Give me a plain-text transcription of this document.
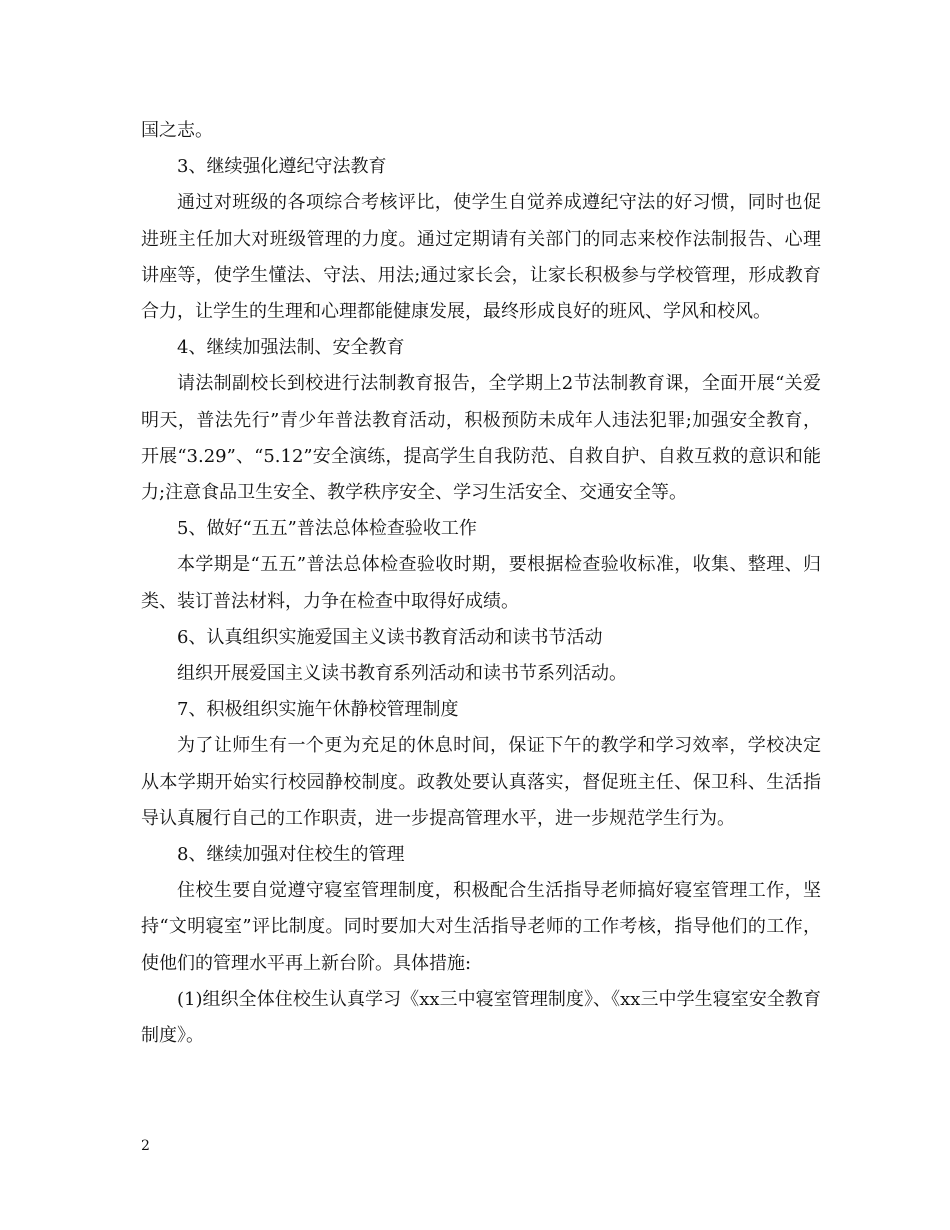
国之志。

3、继续强化遵纪守法教育

通过对班级的各项综合考核评比，使学生自觉养成遵纪守法的好习惯，同时也促进班主任加大对班级管理的力度。通过定期请有关部门的同志来校作法制报告、心理讲座等，使学生懂法、守法、用法;通过家长会，让家长积极参与学校管理，形成教育合力，让学生的生理和心理都能健康发展，最终形成良好的班风、学风和校风。

4、继续加强法制、安全教育

请法制副校长到校进行法制教育报告，全学期上2节法制教育课，全面开展“关爱明天，普法先行”青少年普法教育活动，积极预防未成年人违法犯罪;加强安全教育，开展“3.29”、“5.12”安全演练，提高学生自我防范、自救自护、自救互救的意识和能力;注意食品卫生安全、教学秩序安全、学习生活安全、交通安全等。

5、做好“五五”普法总体检查验收工作

本学期是“五五”普法总体检查验收时期，要根据检查验收标准，收集、整理、归类、装订普法材料，力争在检查中取得好成绩。

6、认真组织实施爱国主义读书教育活动和读书节活动

组织开展爱国主义读书教育系列活动和读书节系列活动。

7、积极组织实施午休静校管理制度

为了让师生有一个更为充足的休息时间，保证下午的教学和学习效率，学校决定从本学期开始实行校园静校制度。政教处要认真落实，督促班主任、保卫科、生活指导认真履行自己的工作职责，进一步提高管理水平，进一步规范学生行为。

8、继续加强对住校生的管理

住校生要自觉遵守寝室管理制度，积极配合生活指导老师搞好寝室管理工作，坚持“文明寝室”评比制度。同时要加大对生活指导老师的工作考核，指导他们的工作，使他们的管理水平再上新台阶。具体措施:

(1)组织全体住校生认真学习《xx三中寝室管理制度》、《xx三中学生寝室安全教育制度》。

2
